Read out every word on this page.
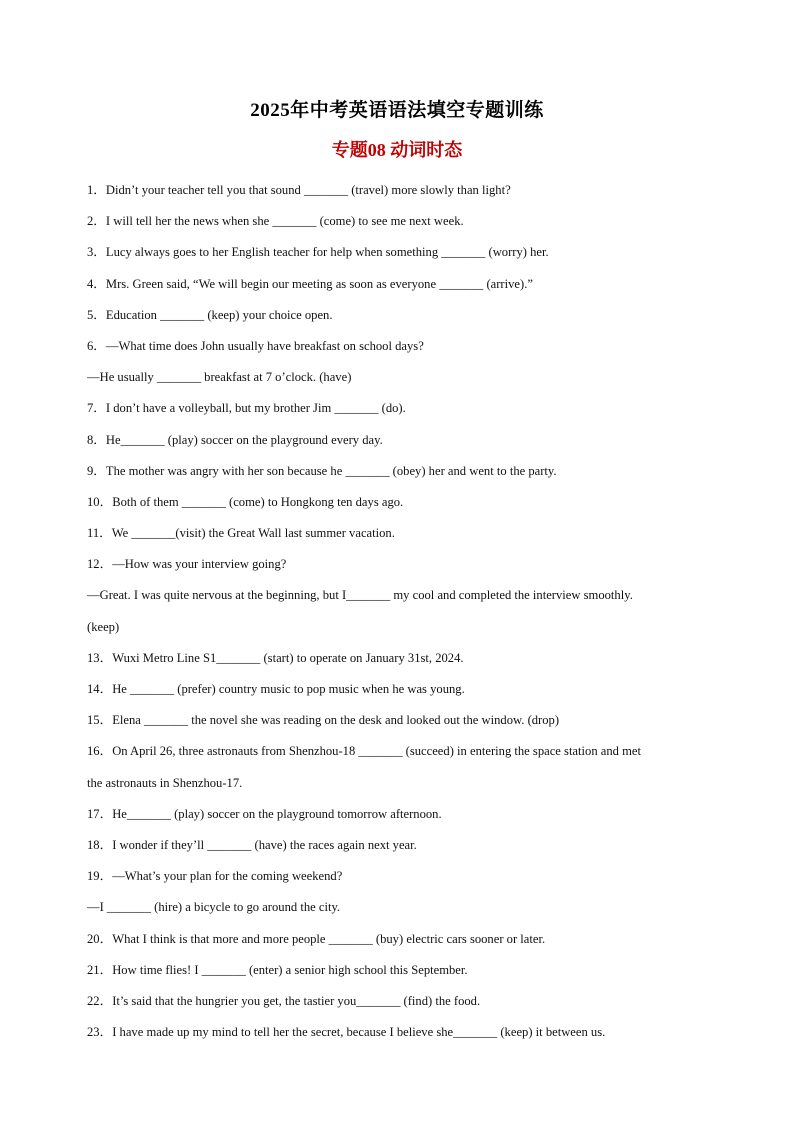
2025年中考英语语法填空专题训练
专题08 动词时态
1．Didn’t your teacher tell you that sound _______ (travel) more slowly than light?
2．I will tell her the news when she _______ (come) to see me next week.
3．Lucy always goes to her English teacher for help when something _______ (worry) her.
4．Mrs. Green said, “We will begin our meeting as soon as everyone _______ (arrive).”
5．Education _______ (keep) your choice open.
6．—What time does John usually have breakfast on school days?
—He usually _______ breakfast at 7 o’clock. (have)
7．I don’t have a volleyball, but my brother Jim _______ (do).
8．He_______ (play) soccer on the playground every day.
9．The mother was angry with her son because he _______ (obey) her and went to the party.
10．Both of them _______ (come) to Hongkong ten days ago.
11．We _______(visit) the Great Wall last summer vacation.
12．—How was your interview going?
—Great. I was quite nervous at the beginning, but I_______ my cool and completed the interview smoothly.
(keep)
13．Wuxi Metro Line S1_______ (start) to operate on January 31st, 2024.
14．He _______ (prefer) country music to pop music when he was young.
15．Elena _______ the novel she was reading on the desk and looked out the window. (drop)
16．On April 26, three astronauts from Shenzhou-18 _______ (succeed) in entering the space station and met
the astronauts in Shenzhou-17.
17．He_______ (play) soccer on the playground tomorrow afternoon.
18．I wonder if they’ll _______ (have) the races again next year.
19．—What’s your plan for the coming weekend?
—I _______ (hire) a bicycle to go around the city.
20．What I think is that more and more people _______ (buy) electric cars sooner or later.
21．How time flies! I _______ (enter) a senior high school this September.
22．It’s said that the hungrier you get, the tastier you_______ (find) the food.
23．I have made up my mind to tell her the secret, because I believe she_______ (keep) it between us.
